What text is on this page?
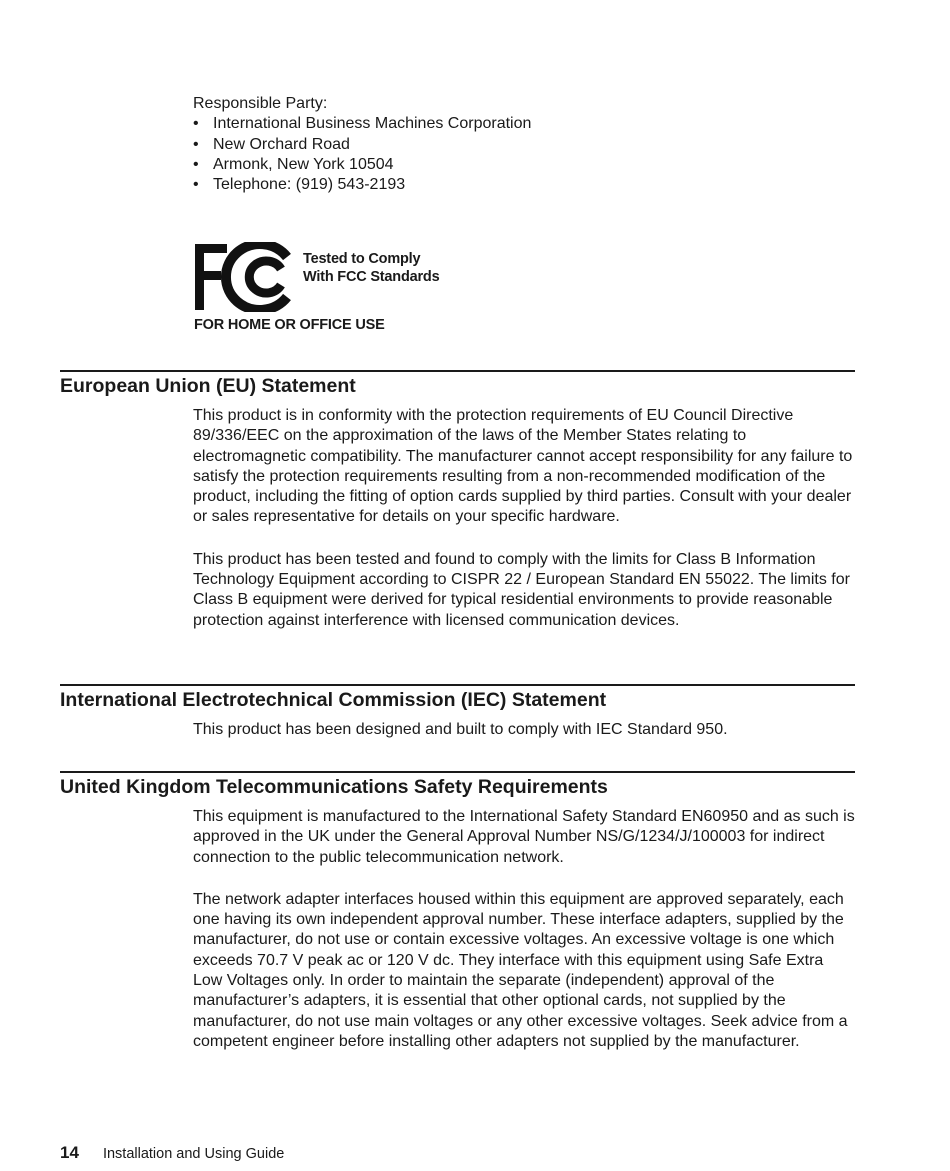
Responsible Party:

• International Business Machines Corporation
• New Orchard Road
• Armonk, New York 10504
• Telephone: (919) 543-2193
Tested to Comply
With FCC Standards
FOR HOME OR OFFICE USE
European Union (EU) Statement

This product is in conformity with the protection requirements of EU Council Directive 89/336/EEC on the approximation of the laws of the Member States relating to electromagnetic compatibility. The manufacturer cannot accept responsibility for any failure to satisfy the protection requirements resulting from a non-recommended modification of the product, including the fitting of option cards supplied by third parties. Consult with your dealer or sales representative for details on your specific hardware.

This product has been tested and found to comply with the limits for Class B Information Technology Equipment according to CISPR 22 / European Standard EN 55022. The limits for Class B equipment were derived for typical residential environments to provide reasonable protection against interference with licensed communication devices.

International Electrotechnical Commission (IEC) Statement

This product has been designed and built to comply with IEC Standard 950.

United Kingdom Telecommunications Safety Requirements

This equipment is manufactured to the International Safety Standard EN60950 and as such is approved in the UK under the General Approval Number NS/G/1234/J/100003 for indirect connection to the public telecommunication network.

The network adapter interfaces housed within this equipment are approved separately, each one having its own independent approval number. These interface adapters, supplied by the manufacturer, do not use or contain excessive voltages. An excessive voltage is one which exceeds 70.7 V peak ac or 120 V dc. They interface with this equipment using Safe Extra Low Voltages only. In order to maintain the separate (independent) approval of the manufacturer’s adapters, it is essential that other optional cards, not supplied by the manufacturer, do not use main voltages or any other excessive voltages. Seek advice from a competent engineer before installing other adapters not supplied by the manufacturer.

14 Installation and Using Guide
